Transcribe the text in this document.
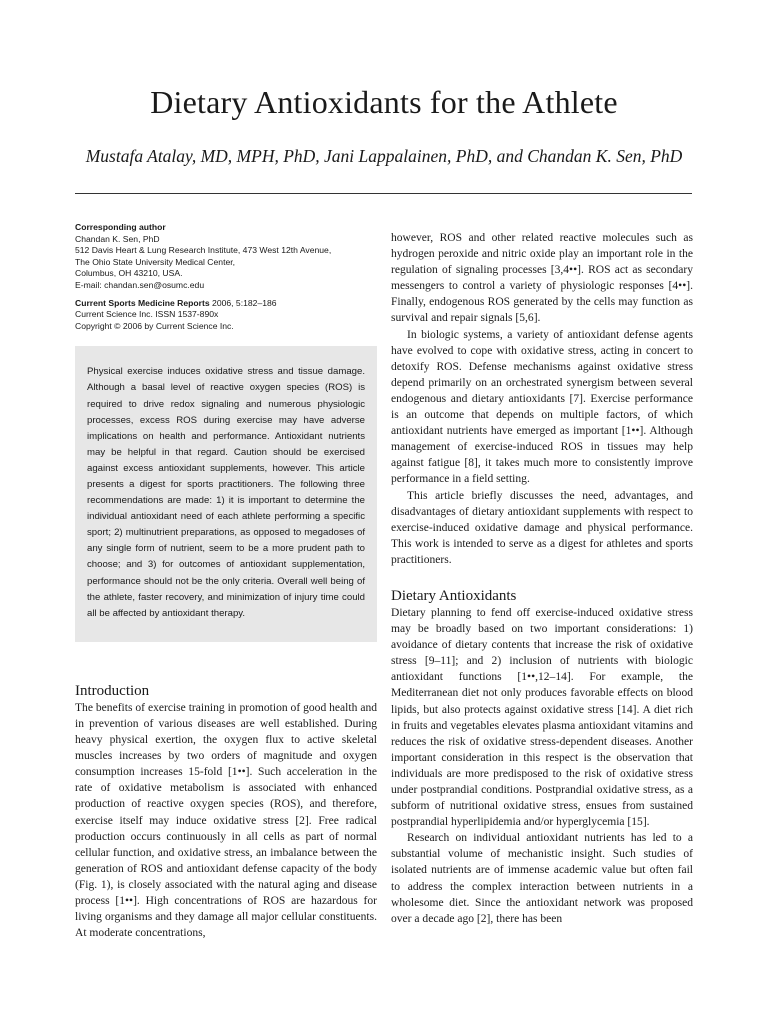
Dietary Antioxidants for the Athlete
Mustafa Atalay, MD, MPH, PhD, Jani Lappalainen, PhD, and Chandan K. Sen, PhD
Corresponding author
Chandan K. Sen, PhD
512 Davis Heart & Lung Research Institute, 473 West 12th Avenue,
The Ohio State University Medical Center,
Columbus, OH 43210, USA.
E-mail: chandan.sen@osumc.edu
Current Sports Medicine Reports 2006, 5:182–186
Current Science Inc. ISSN 1537-890x
Copyright © 2006 by Current Science Inc.
Physical exercise induces oxidative stress and tissue damage. Although a basal level of reactive oxygen species (ROS) is required to drive redox signaling and numerous physiologic processes, excess ROS during exercise may have adverse implications on health and performance. Antioxidant nutrients may be helpful in that regard. Caution should be exercised against excess antioxidant supplements, however. This article presents a digest for sports practitioners. The following three recommendations are made: 1) it is important to determine the individual antioxidant need of each athlete performing a specific sport; 2) multinutrient preparations, as opposed to megadoses of any single form of nutrient, seem to be a more prudent path to choose; and 3) for outcomes of antioxidant supplementation, performance should not be the only criteria. Overall well being of the athlete, faster recovery, and minimization of injury time could all be affected by antioxidant therapy.
Introduction

The benefits of exercise training in promotion of good health and in prevention of various diseases are well established. During heavy physical exertion, the oxygen flux to active skeletal muscles increases by two orders of magnitude and oxygen consumption increases 15-fold [1••]. Such acceleration in the rate of oxidative metabolism is associated with enhanced production of reactive oxygen species (ROS), and therefore, exercise itself may induce oxidative stress [2]. Free radical production occurs continuously in all cells as part of normal cellular function, and oxidative stress, an imbalance between the generation of ROS and antioxidant defense capacity of the body (Fig. 1), is closely associated with the natural aging and disease process [1••]. High concentrations of ROS are hazardous for living organisms and they damage all major cellular constituents. At moderate concentrations,

however, ROS and other related reactive molecules such as hydrogen peroxide and nitric oxide play an important role in the regulation of signaling processes [3,4••]. ROS act as secondary messengers to control a variety of physiologic responses [4••]. Finally, endogenous ROS generated by the cells may function as survival and repair signals [5,6].

In biologic systems, a variety of antioxidant defense agents have evolved to cope with oxidative stress, acting in concert to detoxify ROS. Defense mechanisms against oxidative stress depend primarily on an orchestrated synergism between several endogenous and dietary antioxidants [7]. Exercise performance is an outcome that depends on multiple factors, of which antioxidant nutrients have emerged as important [1••]. Although management of exercise-induced ROS in tissues may help against fatigue [8], it takes much more to consistently improve performance in a field setting.

This article briefly discusses the need, advantages, and disadvantages of dietary antioxidant supplements with respect to exercise-induced oxidative damage and physical performance. This work is intended to serve as a digest for athletes and sports practitioners.

Dietary Antioxidants

Dietary planning to fend off exercise-induced oxidative stress may be broadly based on two important considerations: 1) avoidance of dietary contents that increase the risk of oxidative stress [9–11]; and 2) inclusion of nutrients with biologic antioxidant functions [1••,12–14]. For example, the Mediterranean diet not only produces favorable effects on blood lipids, but also protects against oxidative stress [14]. A diet rich in fruits and vegetables elevates plasma antioxidant vitamins and reduces the risk of oxidative stress-dependent diseases. Another important consideration in this respect is the observation that individuals are more predisposed to the risk of oxidative stress under postprandial conditions. Postprandial oxidative stress, as a subform of nutritional oxidative stress, ensues from sustained postprandial hyperlipidemia and/or hyperglycemia [15].

Research on individual antioxidant nutrients has led to a substantial volume of mechanistic insight. Such studies of isolated nutrients are of immense academic value but often fail to address the complex interaction between nutrients in a wholesome diet. Since the antioxidant network was proposed over a decade ago [2], there has been
